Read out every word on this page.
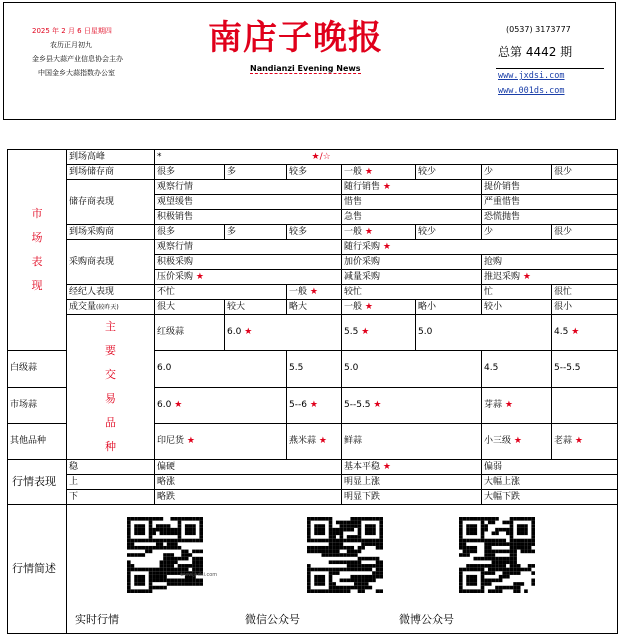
2025 年 2 月 6 日星期四
农历正月初九
金乡县大蒜产业信息协会主办
中国金乡大蒜指数办公室
南店子晚报
Nandianzi Evening News
(0537) 3173777
总第 4442 期
www.jxdsi.com
www.001ds.com
市场表现	到场高峰	* ★/☆							
	到场储存商	很多	多	较多	一般 ★	较少	少	很少	
	储存商表现	观察行情			随行销售 ★		提价销售		
		观望缓售			惜售		严重惜售		
		积极销售			急售		恐慌抛售		
	到场采购商	很多	多	较多	一般 ★	较少	少	很少	
	采购商表现	观察行情			随行采购 ★				
		积极采购			加价采购		抢购		
		压价采购 ★			减量采购		推迟采购 ★		
	经纪人表现	不忙		一般 ★	较忙		忙	很忙	
	成交量(较昨天)	很大	较大	略大	一般 ★	略小	较小	很小	
	主要交易品种	红级蒜	6.0 ★		5.5 ★	5.0		4.5 ★	
白级蒜		6.0		5.5	5.0		4.5	5--5.5	
市场蒜		6.0 ★		5--6 ★	5--5.5 ★		芽蒜 ★		
其他品种		印尼货 ★		燕米蒜 ★	鲜蒜		小三级 ★	老蒜 ★	
行情表现	稳	偏硬			基本平稳 ★		偏弱		
	上	略涨			明显上涨		大幅上涨		
	下	略跌			明显下跌		大幅下跌		
行情简述	实时行情 微信公众号 微博公众号								
www.jxdsi.com
